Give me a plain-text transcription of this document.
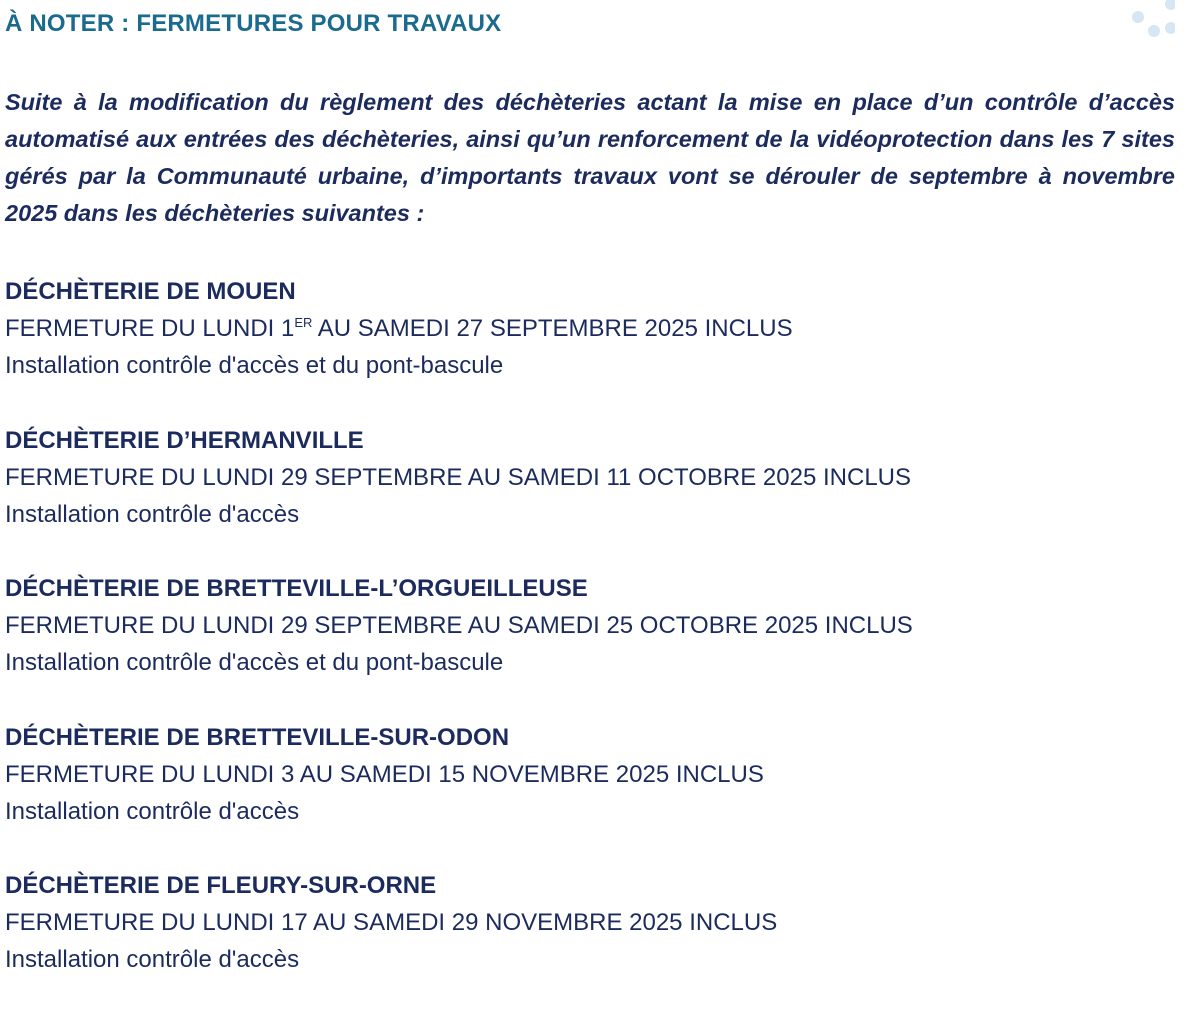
À NOTER : FERMETURES POUR TRAVAUX

Suite à la modification du règlement des déchèteries actant la mise en place d’un contrôle d’accès automatisé aux entrées des déchèteries, ainsi qu’un renforcement de la vidéoprotection dans les 7 sites gérés par la Communauté urbaine, d’importants travaux vont se dérouler de septembre à novembre 2025 dans les déchèteries suivantes :

DÉCHÈTERIE DE MOUEN
FERMETURE DU LUNDI 1ER AU SAMEDI 27 SEPTEMBRE 2025 INCLUS
Installation contrôle d'accès et du pont-bascule
DÉCHÈTERIE D’HERMANVILLE
FERMETURE DU LUNDI 29 SEPTEMBRE AU SAMEDI 11 OCTOBRE 2025 INCLUS
Installation contrôle d'accès
DÉCHÈTERIE DE BRETTEVILLE-L’ORGUEILLEUSE
FERMETURE DU LUNDI 29 SEPTEMBRE AU SAMEDI 25 OCTOBRE 2025 INCLUS
Installation contrôle d'accès et du pont-bascule
DÉCHÈTERIE DE BRETTEVILLE-SUR-ODON
FERMETURE DU LUNDI 3 AU SAMEDI 15 NOVEMBRE 2025 INCLUS
Installation contrôle d'accès
DÉCHÈTERIE DE FLEURY-SUR-ORNE
FERMETURE DU LUNDI 17 AU SAMEDI 29 NOVEMBRE 2025 INCLUS
Installation contrôle d'accès
